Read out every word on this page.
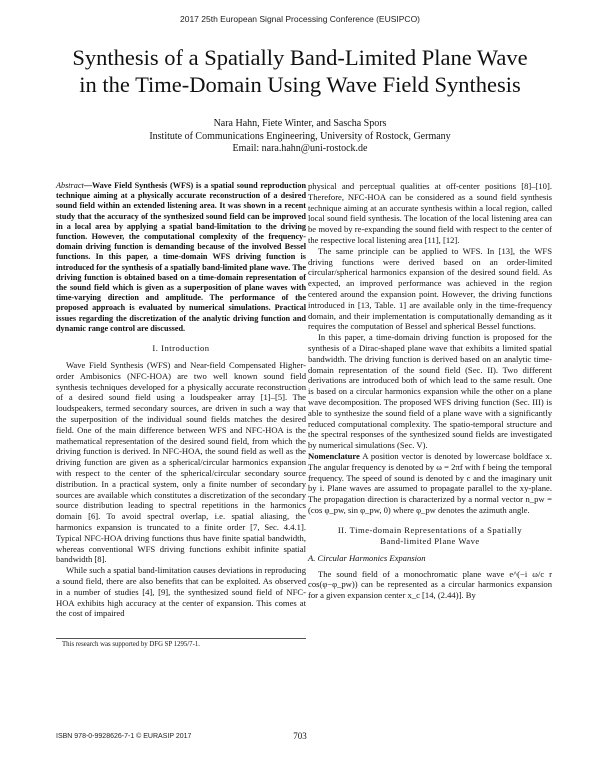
2017 25th European Signal Processing Conference (EUSIPCO)
Synthesis of a Spatially Band-Limited Plane Wave
in the Time-Domain Using Wave Field Synthesis
Nara Hahn, Fiete Winter, and Sascha Spors
Institute of Communications Engineering, University of Rostock, Germany
Email: nara.hahn@uni-rostock.de

Abstract—Wave Field Synthesis (WFS) is a spatial sound reproduction technique aiming at a physically accurate reconstruction of a desired sound field within an extended listening area. It was shown in a recent study that the accuracy of the synthesized sound field can be improved in a local area by applying a spatial band-limitation to the driving function. However, the computational complexity of the frequency-domain driving function is demanding because of the involved Bessel functions. In this paper, a time-domain WFS driving function is introduced for the synthesis of a spatially band-limited plane wave. The driving function is obtained based on a time-domain representation of the sound field which is given as a superposition of plane waves with time-varying direction and amplitude. The performance of the proposed approach is evaluated by numerical simulations. Practical issues regarding the discretization of the analytic driving function and dynamic range control are discussed.

I. Introduction

Wave Field Synthesis (WFS) and Near-field Compensated Higher-order Ambisonics (NFC-HOA) are two well known sound field synthesis techniques developed for a physically accurate reconstruction of a desired sound field using a loudspeaker array [1]–[5]. The loudspeakers, termed secondary sources, are driven in such a way that the superposition of the individual sound fields matches the desired field. One of the main difference between WFS and NFC-HOA is the mathematical representation of the desired sound field, from which the driving function is derived. In NFC-HOA, the sound field as well as the driving function are given as a spherical/circular harmonics expansion with respect to the center of the spherical/circular secondary source distribution. In a practical system, only a finite number of secondary sources are available which constitutes a discretization of the secondary source distribution leading to spectral repetitions in the harmonics domain [6]. To avoid spectral overlap, i.e. spatial aliasing, the harmonics expansion is truncated to a finite order [7, Sec. 4.4.1]. Typical NFC-HOA driving functions thus have finite spatial bandwidth, whereas conventional WFS driving functions exhibit infinite spatial bandwidth [8].

While such a spatial band-limitation causes deviations in reproducing a sound field, there are also benefits that can be exploited. As observed in a number of studies [4], [9], the synthesized sound field of NFC-HOA exhibits high accuracy at the center of expansion. This comes at the cost of impaired

This research was supported by DFG SP 1295/7-1.

physical and perceptual qualities at off-center positions [8]–[10]. Therefore, NFC-HOA can be considered as a sound field synthesis technique aiming at an accurate synthesis within a local region, called local sound field synthesis. The location of the local listening area can be moved by re-expanding the sound field with respect to the center of the respective local listening area [11], [12].

The same principle can be applied to WFS. In [13], the WFS driving functions were derived based on an order-limited circular/spherical harmonics expansion of the desired sound field. As expected, an improved performance was achieved in the region centered around the expansion point. However, the driving functions introduced in [13, Table. 1] are available only in the time-frequency domain, and their implementation is computationally demanding as it requires the computation of Bessel and spherical Bessel functions.

In this paper, a time-domain driving function is proposed for the synthesis of a Dirac-shaped plane wave that exhibits a limited spatial bandwidth. The driving function is derived based on an analytic time-domain representation of the sound field (Sec. II). Two different derivations are introduced both of which lead to the same result. One is based on a circular harmonics expansion while the other on a plane wave decomposition. The proposed WFS driving function (Sec. III) is able to synthesize the sound field of a plane wave with a significantly reduced computational complexity. The spatio-temporal structure and the spectral responses of the synthesized sound fields are investigated by numerical simulations (Sec. V).

Nomenclature A position vector is denoted by lowercase boldface x. The angular frequency is denoted by ω = 2πf with f being the temporal frequency. The speed of sound is denoted by c and the imaginary unit by i. Plane waves are assumed to propagate parallel to the xy-plane. The propagation direction is characterized by a normal vector n_pw = (cos φ_pw, sin φ_pw, 0) where φ_pw denotes the azimuth angle.

II. Time-domain Representations of a Spatially
Band-limited Plane Wave
A. Circular Harmonics Expansion

The sound field of a monochromatic plane wave e^(−i ω/c r cos(φ−φ_pw)) can be represented as a circular harmonics expansion for a given expansion center x_c [14, (2.44)]. By

ISBN 978-0-9928626-7-1 © EURASIP 2017	703
